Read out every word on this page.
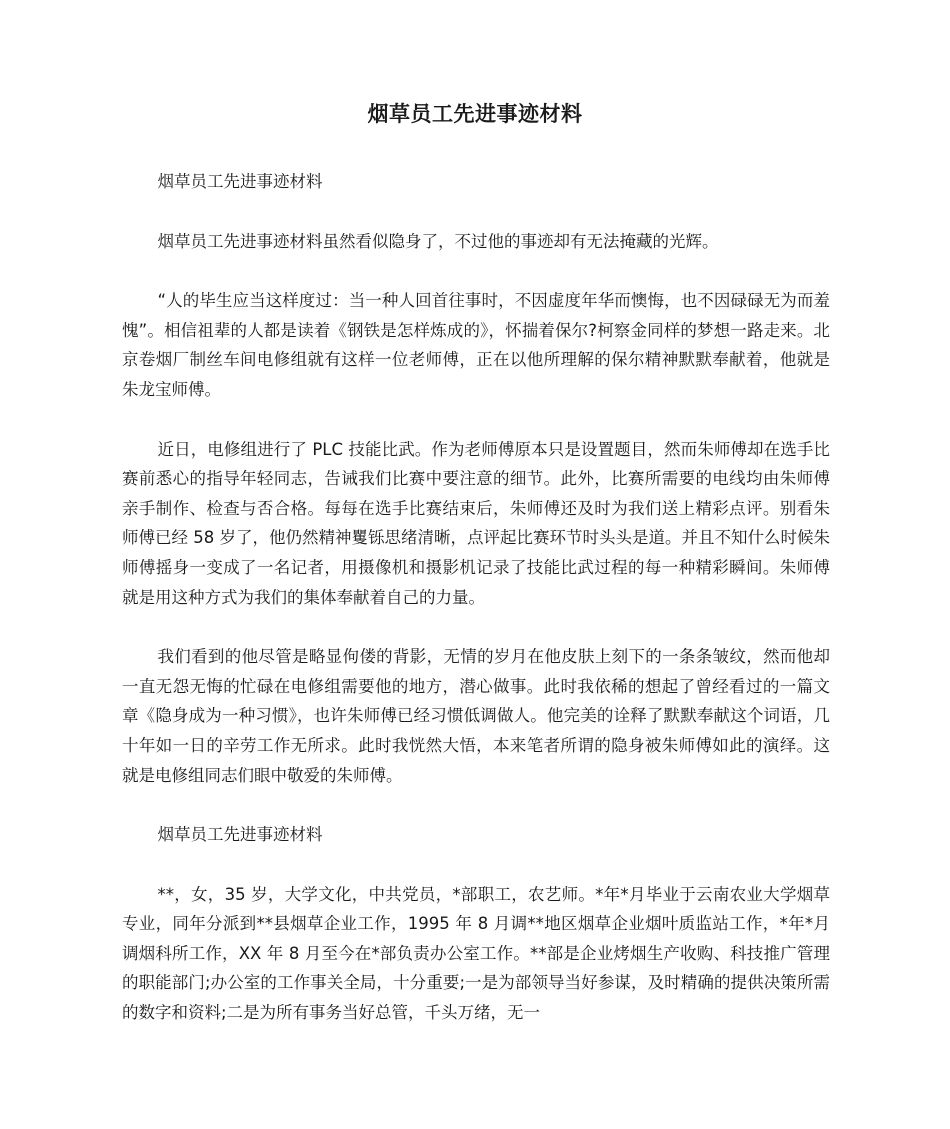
烟草员工先进事迹材料

烟草员工先进事迹材料

烟草员工先进事迹材料虽然看似隐身了，不过他的事迹却有无法掩藏的光辉。

“人的毕生应当这样度过：当一种人回首往事时，不因虚度年华而懊悔，也不因碌碌无为而羞愧”。相信祖辈的人都是读着《钢铁是怎样炼成的》，怀揣着保尔?柯察金同样的梦想一路走来。北京卷烟厂制丝车间电修组就有这样一位老师傅，正在以他所理解的保尔精神默默奉献着，他就是朱龙宝师傅。

近日，电修组进行了 PLC 技能比武。作为老师傅原本只是设置题目，然而朱师傅却在选手比赛前悉心的指导年轻同志，告诫我们比赛中要注意的细节。此外，比赛所需要的电线均由朱师傅亲手制作、检查与否合格。每每在选手比赛结束后，朱师傅还及时为我们送上精彩点评。别看朱师傅已经 58 岁了，他仍然精神矍铄思绪清晰，点评起比赛环节时头头是道。并且不知什么时候朱师傅摇身一变成了一名记者，用摄像机和摄影机记录了技能比武过程的每一种精彩瞬间。朱师傅就是用这种方式为我们的集体奉献着自己的力量。

我们看到的他尽管是略显佝偻的背影，无情的岁月在他皮肤上刻下的一条条皱纹，然而他却一直无怨无悔的忙碌在电修组需要他的地方，潜心做事。此时我依稀的想起了曾经看过的一篇文章《隐身成为一种习惯》，也许朱师傅已经习惯低调做人。他完美的诠释了默默奉献这个词语，几十年如一日的辛劳工作无所求。此时我恍然大悟，本来笔者所谓的隐身被朱师傅如此的演绎。这就是电修组同志们眼中敬爱的朱师傅。

烟草员工先进事迹材料

**，女，35 岁，大学文化，中共党员，*部职工，农艺师。*年*月毕业于云南农业大学烟草专业，同年分派到**县烟草企业工作，1995 年 8 月调**地区烟草企业烟叶质监站工作，*年*月调烟科所工作，XX 年 8 月至今在*部负责办公室工作。**部是企业烤烟生产收购、科技推广管理的职能部门;办公室的工作事关全局，十分重要;一是为部领导当好参谋，及时精确的提供决策所需的数字和资料;二是为所有事务当好总管，千头万绪，无一
